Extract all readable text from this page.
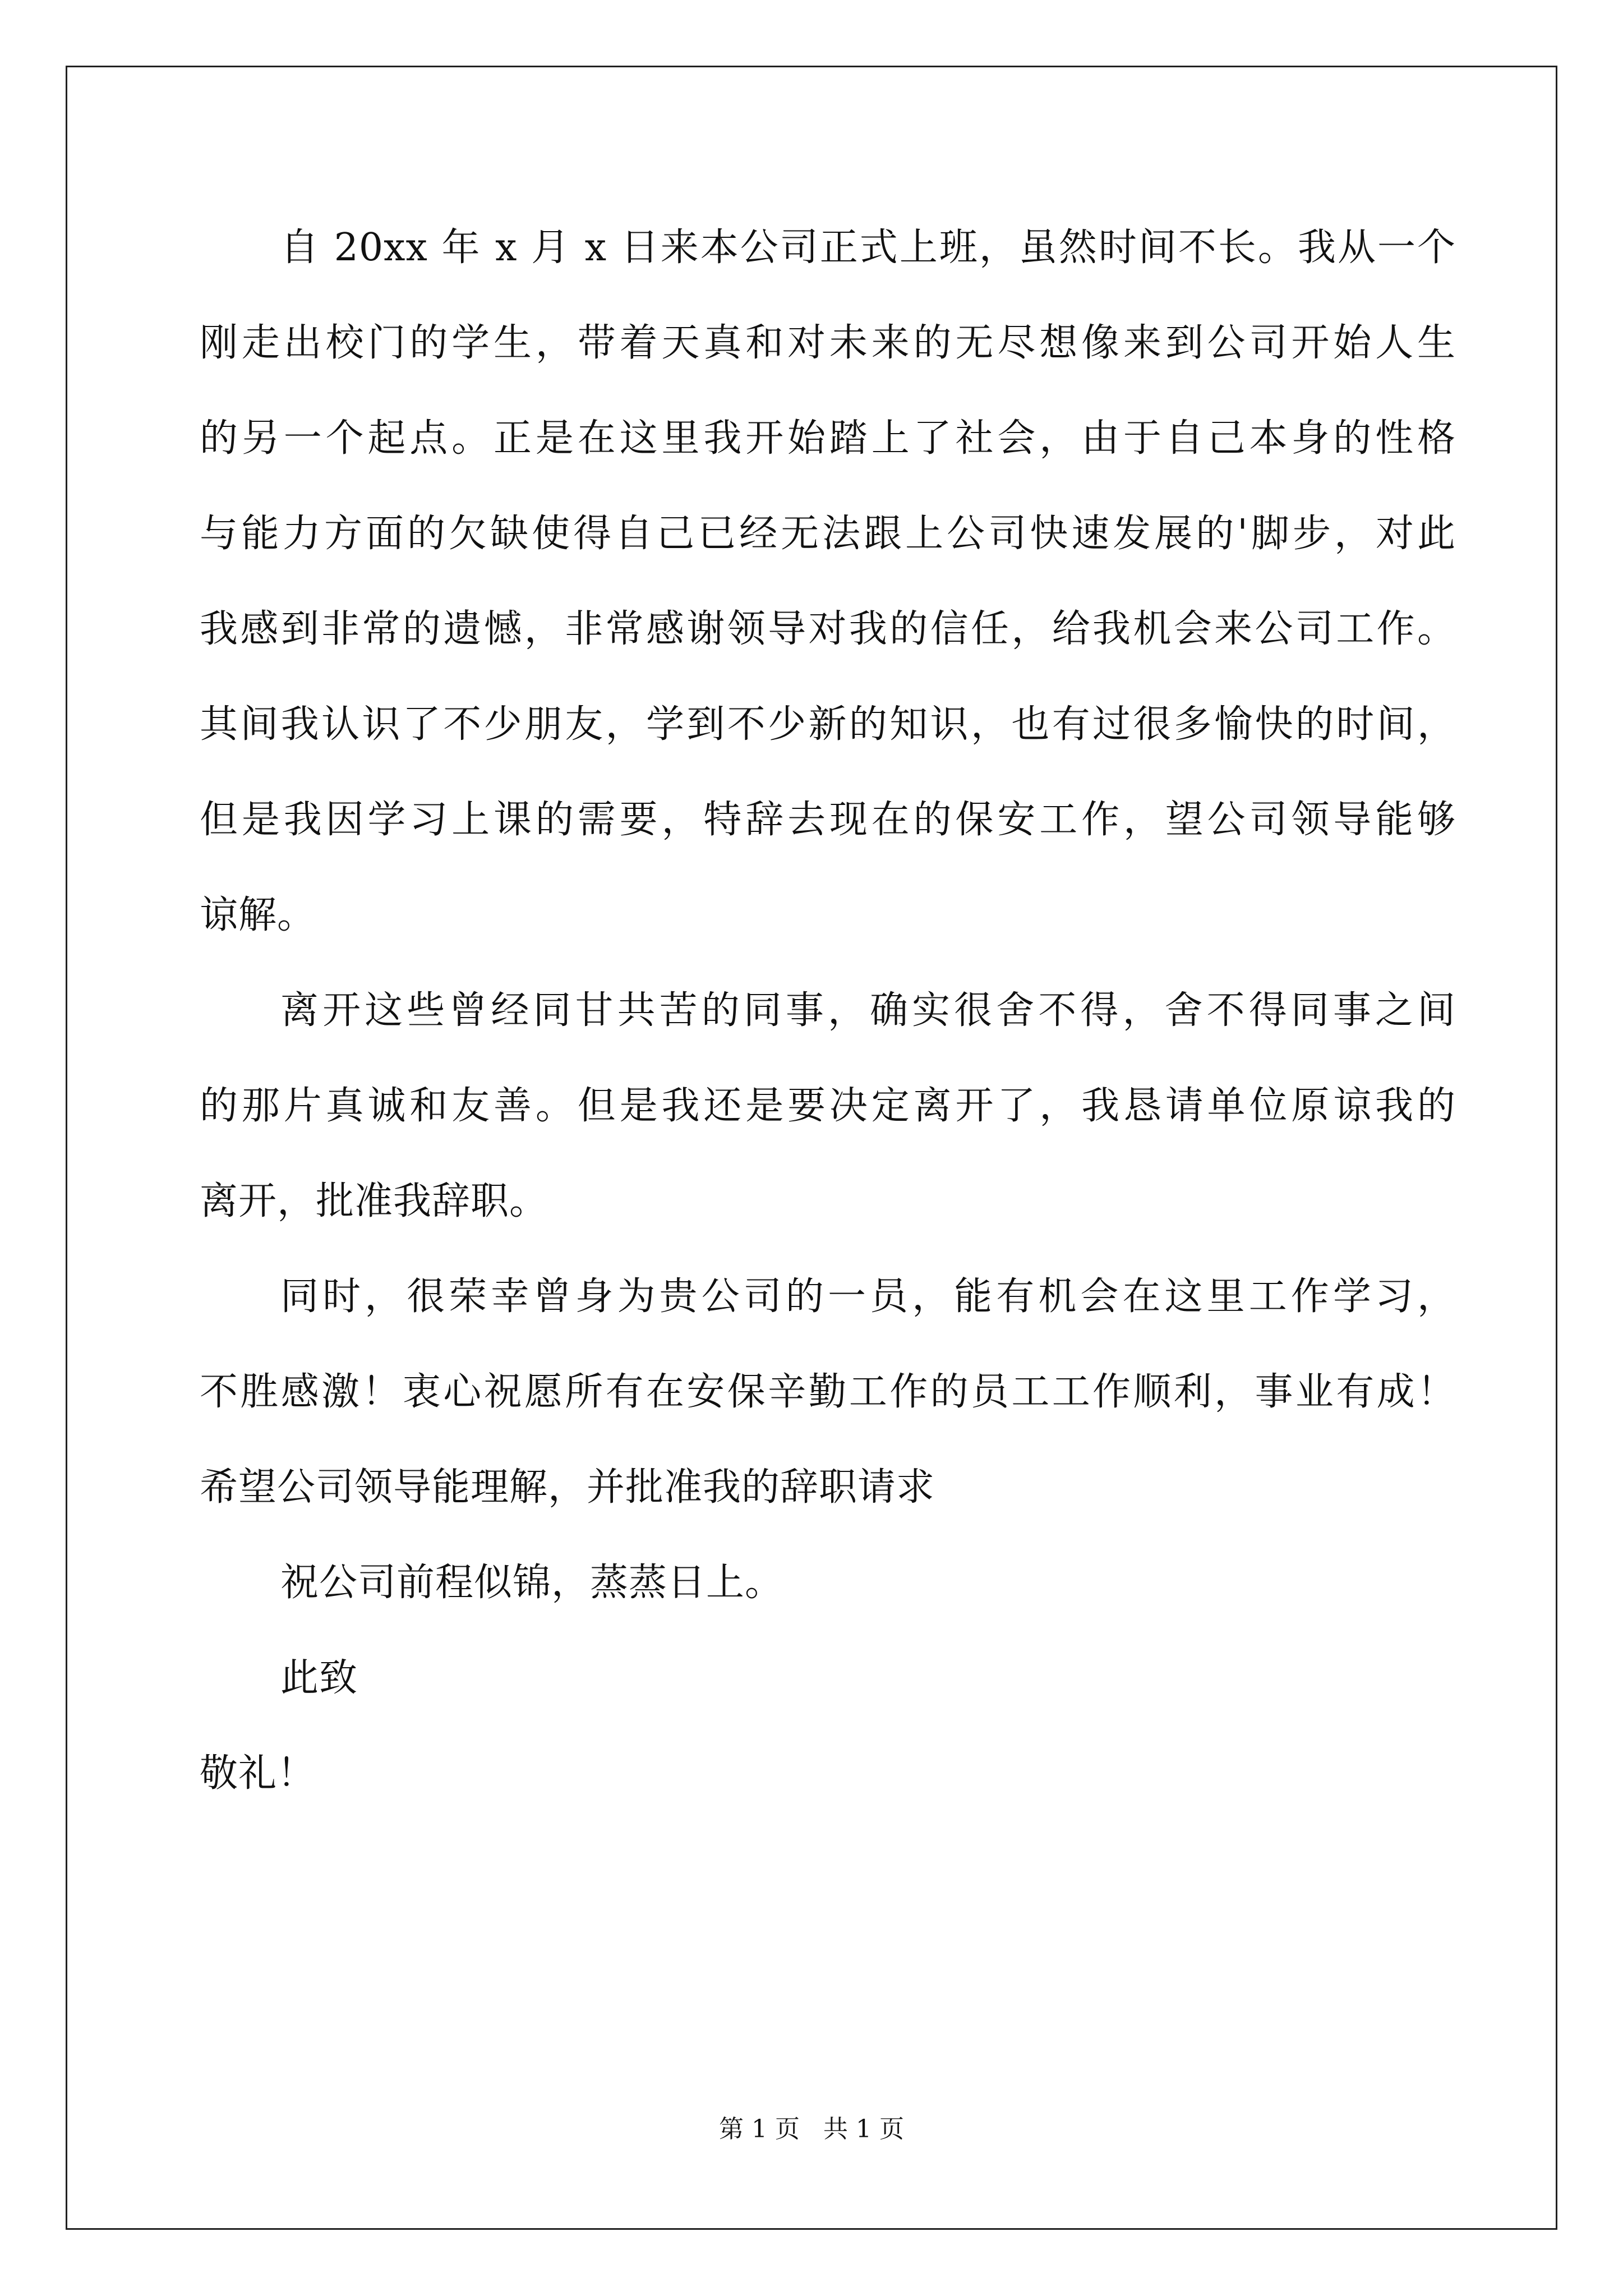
自 20xx 年 x 月 x 日来本公司正式上班，虽然时间不长。我从一个
刚走出校门的学生，带着天真和对未来的无尽想像来到公司开始人生
的另一个起点。正是在这里我开始踏上了社会，由于自己本身的性格
与能力方面的欠缺使得自己已经无法跟上公司快速发展的'脚步，对此
我感到非常的遗憾，非常感谢领导对我的信任，给我机会来公司工作。
其间我认识了不少朋友，学到不少新的知识，也有过很多愉快的时间，
但是我因学习上课的需要，特辞去现在的保安工作，望公司领导能够
谅解。
离开这些曾经同甘共苦的同事，确实很舍不得，舍不得同事之间
的那片真诚和友善。但是我还是要决定离开了，我恳请单位原谅我的
离开，批准我辞职。
同时，很荣幸曾身为贵公司的一员，能有机会在这里工作学习，
不胜感激！衷心祝愿所有在安保辛勤工作的员工工作顺利，事业有成！
希望公司领导能理解，并批准我的辞职请求
祝公司前程似锦，蒸蒸日上。
此致
敬礼！
第 1 页   共 1 页
